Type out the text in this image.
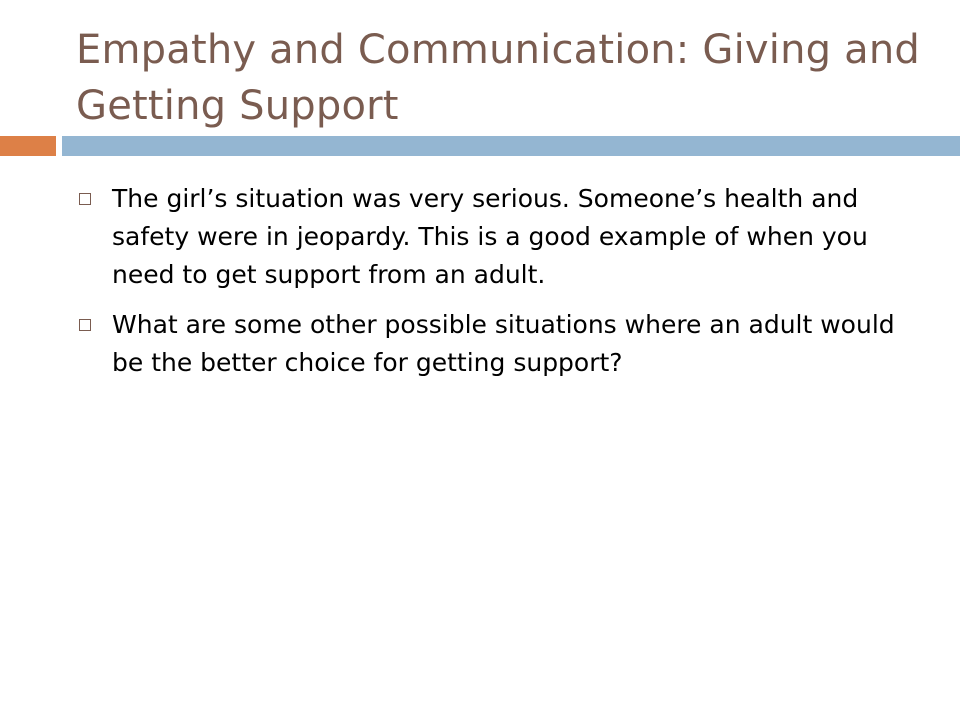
Empathy and Communication: Giving and Getting Support
The girl’s situation was very serious. Someone’s health and safety were in jeopardy. This is a good example of when you need to get support from an adult.
What are some other possible situations where an adult would be the better choice for getting support?
